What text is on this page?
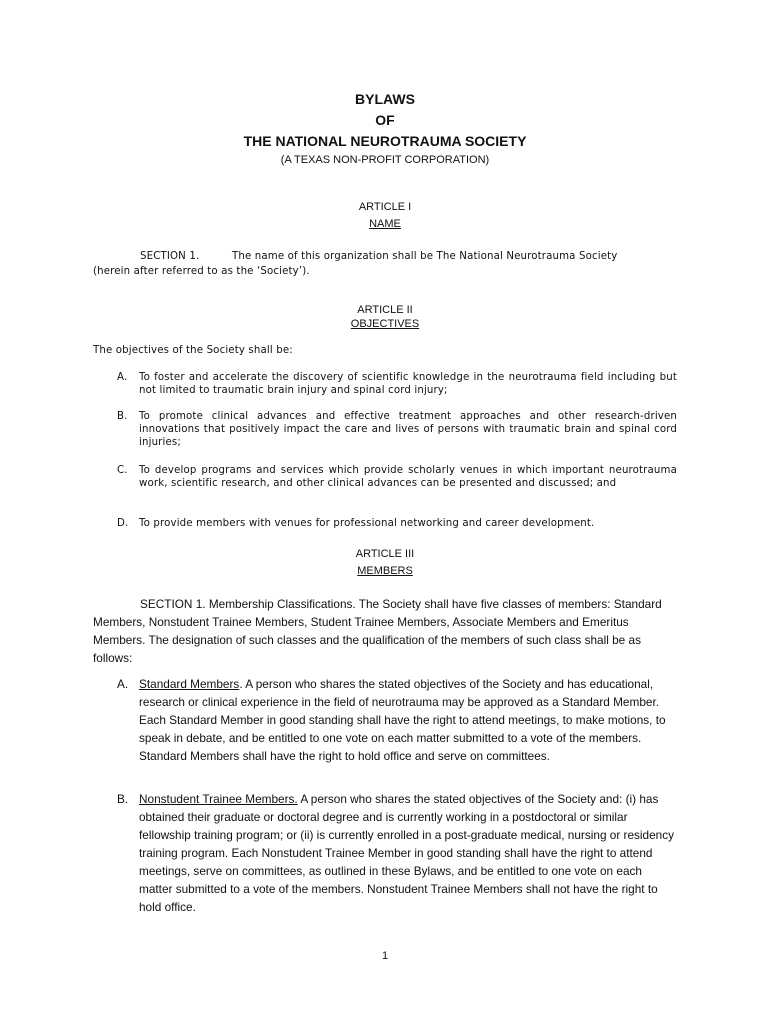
BYLAWS
OF
THE NATIONAL NEUROTRAUMA SOCIETY
(A TEXAS NON-PROFIT CORPORATION)
ARTICLE I
NAME
SECTION 1.	The name of this organization shall be The National Neurotrauma Society
(herein after referred to as the ‘Society’).
ARTICLE II
OBJECTIVES
The objectives of the Society shall be:
A. To foster and accelerate the discovery of scientific knowledge in the neurotrauma field including but not limited to traumatic brain injury and spinal cord injury;
B. To promote clinical advances and effective treatment approaches and other research-driven innovations that positively impact the care and lives of persons with traumatic brain and spinal cord injuries;
C. To develop programs and services which provide scholarly venues in which important neurotrauma work, scientific research, and other clinical advances can be presented and discussed; and
D. To provide members with venues for professional networking and career development.
ARTICLE III
MEMBERS
SECTION 1. Membership Classifications. The Society shall have five classes of members: Standard Members, Nonstudent Trainee Members, Student Trainee Members, Associate Members and Emeritus Members. The designation of such classes and the qualification of the members of such class shall be as follows:
A. Standard Members. A person who shares the stated objectives of the Society and has educational, research or clinical experience in the field of neurotrauma may be approved as a Standard Member. Each Standard Member in good standing shall have the right to attend meetings, to make motions, to speak in debate, and be entitled to one vote on each matter submitted to a vote of the members. Standard Members shall have the right to hold office and serve on committees.
B. Nonstudent Trainee Members. A person who shares the stated objectives of the Society and: (i) has obtained their graduate or doctoral degree and is currently working in a postdoctoral or similar fellowship training program; or (ii) is currently enrolled in a post-graduate medical, nursing or residency training program. Each Nonstudent Trainee Member in good standing shall have the right to attend meetings, serve on committees, as outlined in these Bylaws, and be entitled to one vote on each matter submitted to a vote of the members. Nonstudent Trainee Members shall not have the right to hold office.
1
